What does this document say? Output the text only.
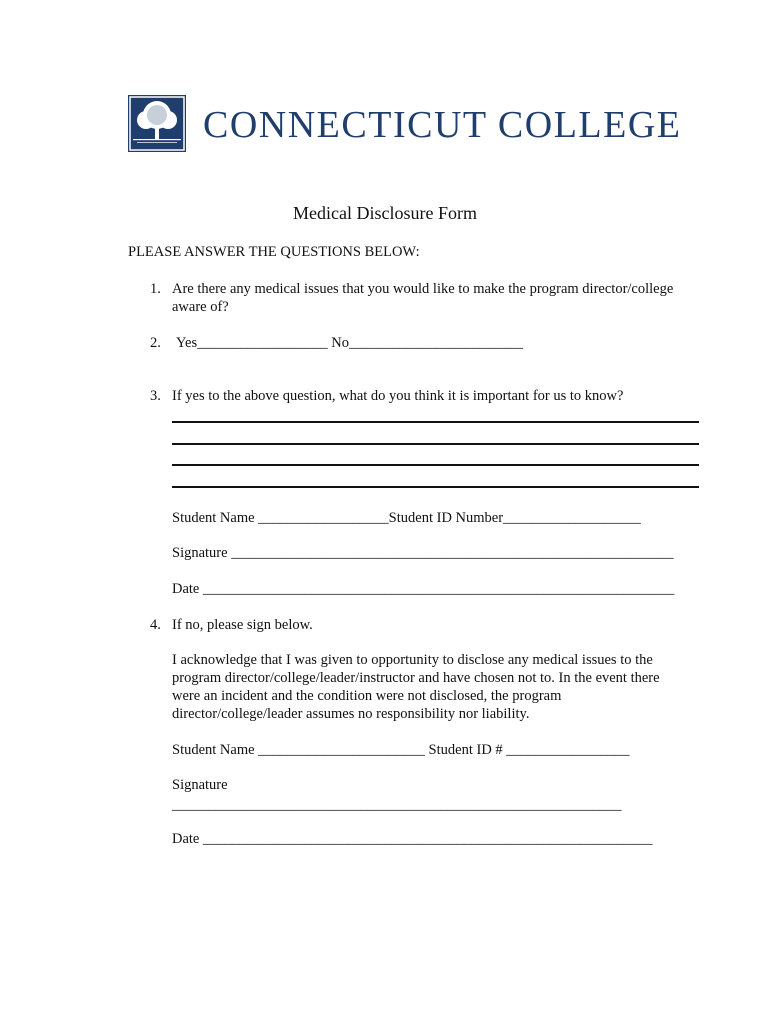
CONNECTICUT COLLEGE
Medical Disclosure Form
PLEASE ANSWER THE QUESTIONS BELOW:
1. Are there any medical issues that you would like to make the program director/college
aware of?
2. Yes__________________ No________________________
3. If yes to the above question, what do you think it is important for us to know?
Student Name __________________Student ID Number___________________
Signature _____________________________________________________________
Date _________________________________________________________________
4. If no, please sign below.
I acknowledge that I was given to opportunity to disclose any medical issues to the
program director/college/leader/instructor and have chosen not to. In the event there
were an incident and the condition were not disclosed, the program
director/college/leader assumes no responsibility nor liability.
Student Name _______________________ Student ID # _________________
Signature
______________________________________________________________
Date ______________________________________________________________
